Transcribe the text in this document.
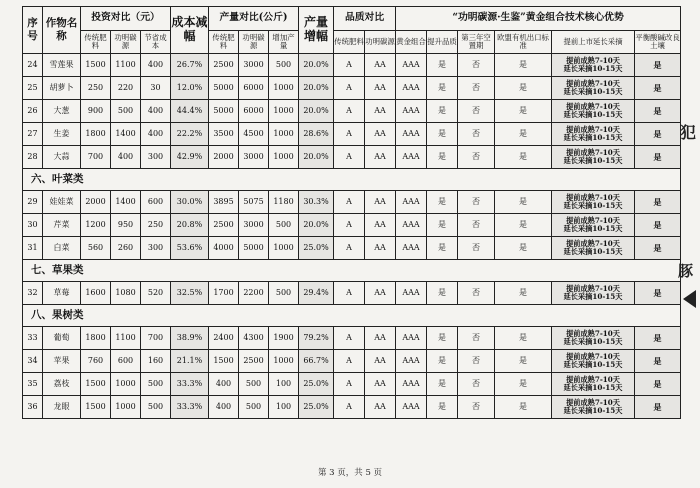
序号	作物名称	投资对比（元）			成本减幅	产量对比(公斤)			产量增幅	品质对比		“功明碳源·生鉴”黄金组合技术核心优势					
		传统肥料	功明碳源	节省成本		传统肥料	功明碳源	增加产量		传统肥料	功明碳源	黄金组合	提升品质	第三年空置期	欧盟有机出口标准	提前上市延长采摘	平衡酸碱改良土壤
24	雪莲果	1500	1100	400	26.7%	2500	3000	500	20.0%	A	AA	AAA	是	否	是	提前成熟7-10天
延长采摘10-15天	是
25	胡萝卜	250	220	30	12.0%	5000	6000	1000	20.0%	A	AA	AAA	是	否	是	提前成熟7-10天
延长采摘10-15天	是
26	大葱	900	500	400	44.4%	5000	6000	1000	20.0%	A	AA	AAA	是	否	是	提前成熟7-10天
延长采摘10-15天	是
27	生姜	1800	1400	400	22.2%	3500	4500	1000	28.6%	A	AA	AAA	是	否	是	提前成熟7-10天
延长采摘10-15天	是
28	大蒜	700	400	300	42.9%	2000	3000	1000	20.0%	A	AA	AAA	是	否	是	提前成熟7-10天
延长采摘10-15天	是
六、叶菜类																	
29	娃娃菜	2000	1400	600	30.0%	3895	5075	1180	30.3%	A	AA	AAA	是	否	是	提前成熟7-10天
延长采摘10-15天	是
30	芹菜	1200	950	250	20.8%	2500	3000	500	20.0%	A	AA	AAA	是	否	是	提前成熟7-10天
延长采摘10-15天	是
31	白菜	560	260	300	53.6%	4000	5000	1000	25.0%	A	AA	AAA	是	否	是	提前成熟7-10天
延长采摘10-15天	是
七、草果类																	
32	草莓	1600	1080	520	32.5%	1700	2200	500	29.4%	A	AA	AAA	是	否	是	提前成熟7-10天
延长采摘10-15天	是
八、果树类																	
33	葡萄	1800	1100	700	38.9%	2400	4300	1900	79.2%	A	AA	AAA	是	否	是	提前成熟7-10天
延长采摘10-15天	是
34	苹果	760	600	160	21.1%	1500	2500	1000	66.7%	A	AA	AAA	是	否	是	提前成熟7-10天
延长采摘10-15天	是
35	荔枝	1500	1000	500	33.3%	400	500	100	25.0%	A	AA	AAA	是	否	是	提前成熟7-10天
延长采摘10-15天	是
36	龙眼	1500	1000	500	33.3%	400	500	100	25.0%	A	AA	AAA	是	否	是	提前成熟7-10天
延长采摘10-15天	是
犯
豚
第 3 页，共 5 页
